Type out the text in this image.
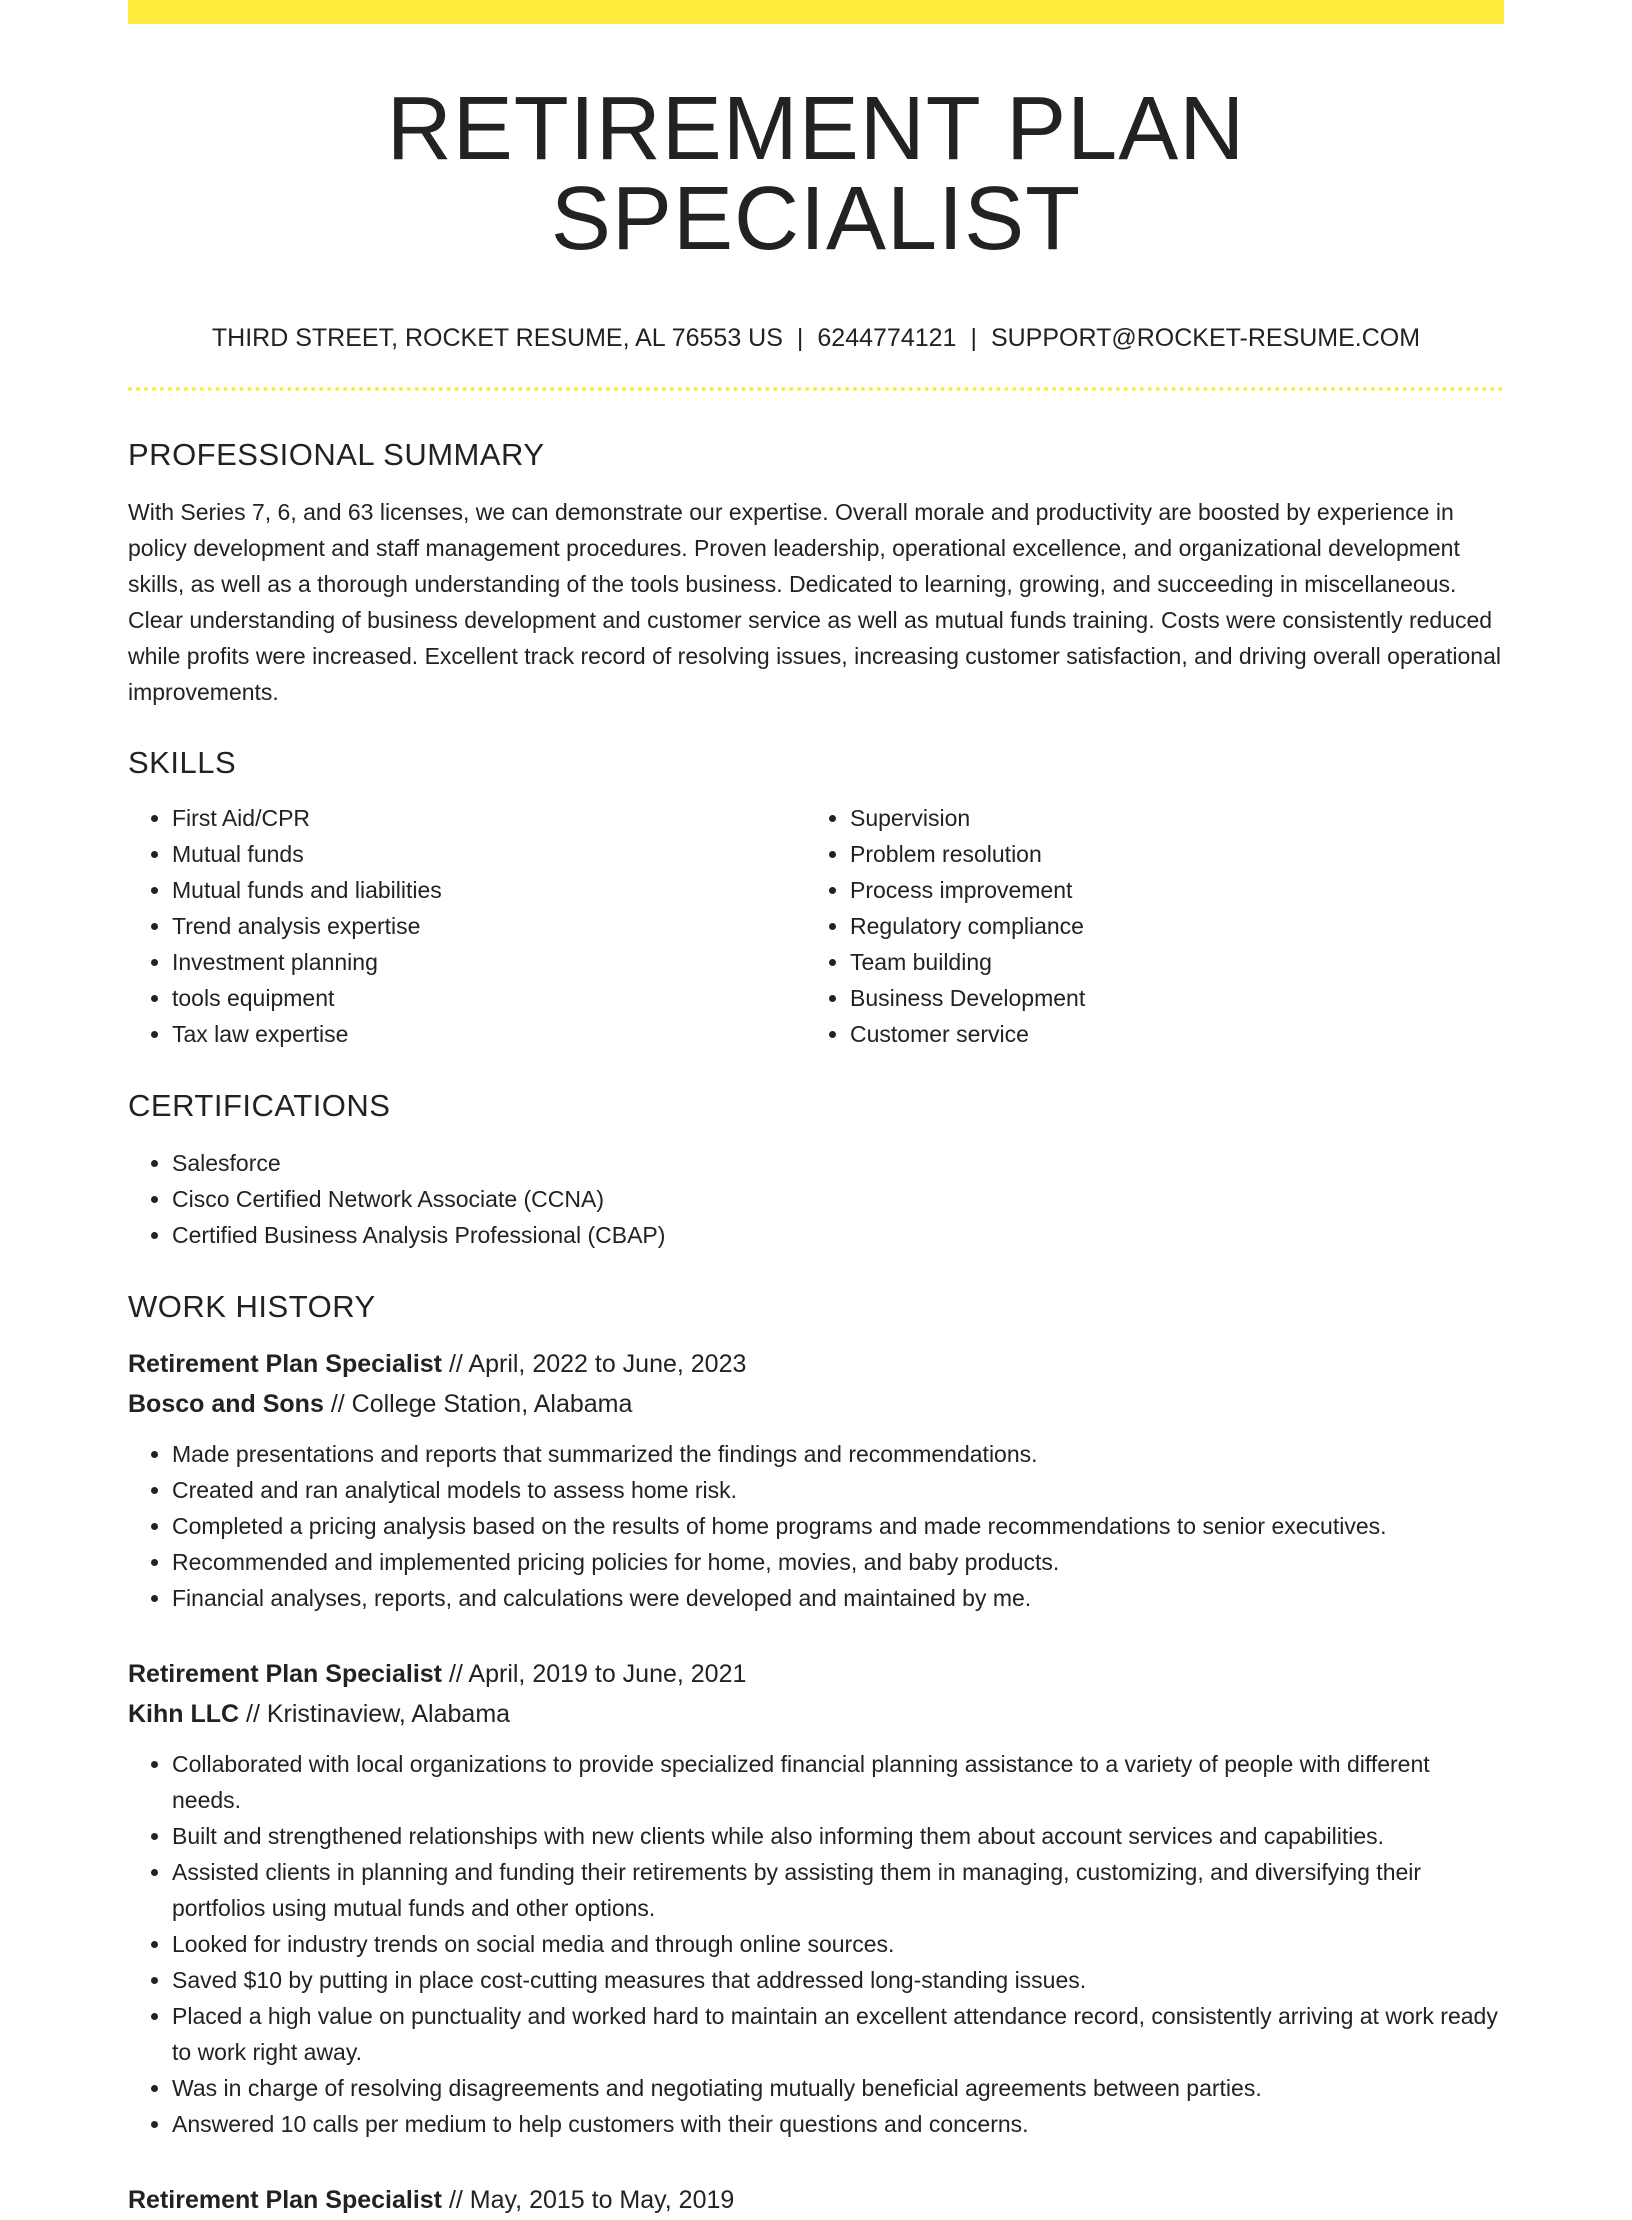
RETIREMENT PLAN SPECIALIST
THIRD STREET, ROCKET RESUME, AL 76553 US | 6244774121 | SUPPORT@ROCKET-RESUME.COM
PROFESSIONAL SUMMARY

With Series 7, 6, and 63 licenses, we can demonstrate our expertise. Overall morale and productivity are boosted by experience in policy development and staff management procedures. Proven leadership, operational excellence, and organizational development skills, as well as a thorough understanding of the tools business. Dedicated to learning, growing, and succeeding in miscellaneous. Clear understanding of business development and customer service as well as mutual funds training. Costs were consistently reduced while profits were increased. Excellent track record of resolving issues, increasing customer satisfaction, and driving overall operational improvements.

SKILLS
• First Aid/CPR
• Mutual funds
• Mutual funds and liabilities
• Trend analysis expertise
• Investment planning
• tools equipment
• Tax law expertise
• Supervision
• Problem resolution
• Process improvement
• Regulatory compliance
• Team building
• Business Development
• Customer service
CERTIFICATIONS
• Salesforce
• Cisco Certified Network Associate (CCNA)
• Certified Business Analysis Professional (CBAP)
WORK HISTORY
Retirement Plan Specialist // April, 2022 to June, 2023
Bosco and Sons // College Station, Alabama
• Made presentations and reports that summarized the findings and recommendations.
• Created and ran analytical models to assess home risk.
• Completed a pricing analysis based on the results of home programs and made recommendations to senior executives.
• Recommended and implemented pricing policies for home, movies, and baby products.
• Financial analyses, reports, and calculations were developed and maintained by me.
Retirement Plan Specialist // April, 2019 to June, 2021
Kihn LLC // Kristinaview, Alabama
• Collaborated with local organizations to provide specialized financial planning assistance to a variety of people with different needs.
• Built and strengthened relationships with new clients while also informing them about account services and capabilities.
• Assisted clients in planning and funding their retirements by assisting them in managing, customizing, and diversifying their portfolios using mutual funds and other options.
• Looked for industry trends on social media and through online sources.
• Saved $10 by putting in place cost-cutting measures that addressed long-standing issues.
• Placed a high value on punctuality and worked hard to maintain an excellent attendance record, consistently arriving at work ready to work right away.
• Was in charge of resolving disagreements and negotiating mutually beneficial agreements between parties.
• Answered 10 calls per medium to help customers with their questions and concerns.
Retirement Plan Specialist // May, 2015 to May, 2019
